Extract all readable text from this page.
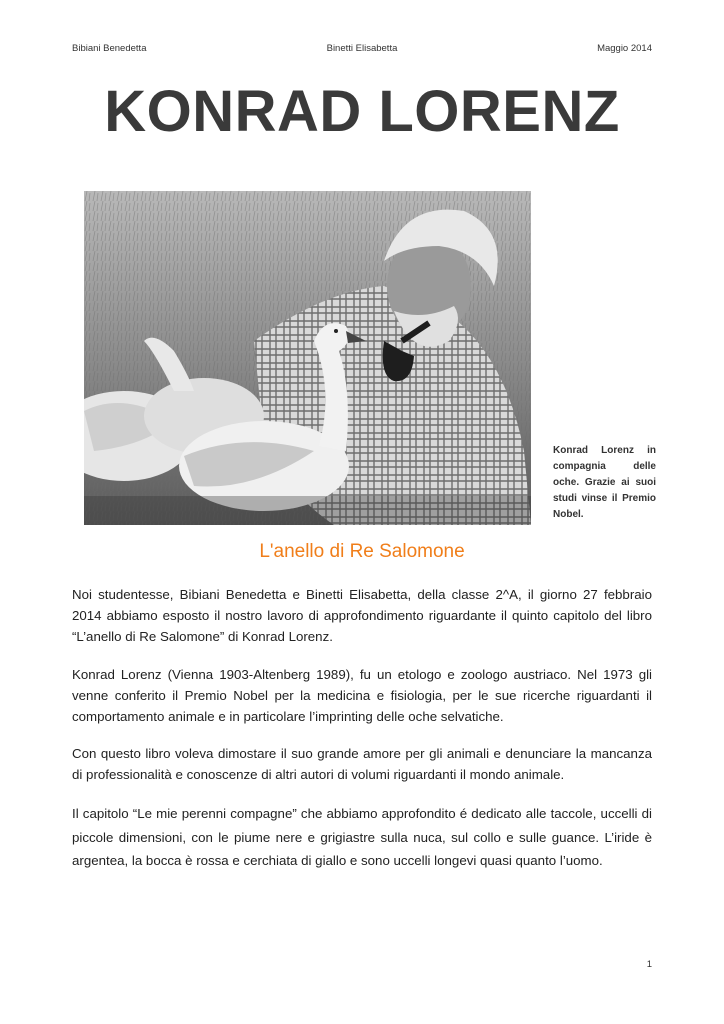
Bibiani Benedetta	Binetti Elisabetta	Maggio 2014
KONRAD LORENZ
Konrad Lorenz in compagnia delle oche. Grazie ai suoi studi vinse il Premio Nobel.
L'anello di Re Salomone

Noi studentesse, Bibiani Benedetta e Binetti Elisabetta, della classe 2^A, il giorno 27 febbraio 2014 abbiamo esposto il nostro lavoro di approfondimento riguardante il quinto capitolo del libro “L’anello di Re Salomone” di Konrad Lorenz.

Konrad Lorenz (Vienna 1903-Altenberg 1989), fu un etologo e zoologo austriaco. Nel 1973 gli venne conferito il Premio Nobel per la medicina e fisiologia, per le sue ricerche riguardanti il comportamento animale e in particolare l’imprinting delle oche selvatiche.

Con questo libro voleva dimostare il suo grande amore per gli animali e denunciare la mancanza di professionalità e conoscenze di altri autori di volumi riguardanti il mondo animale.

Il capitolo “Le mie perenni compagne” che abbiamo approfondito é dedicato alle taccole, uccelli di piccole dimensioni, con le piume nere e grigiastre sulla nuca, sul collo e sulle guance. L’iride è argentea, la bocca è rossa e cerchiata di giallo e sono uccelli longevi quasi quanto l’uomo.

1
